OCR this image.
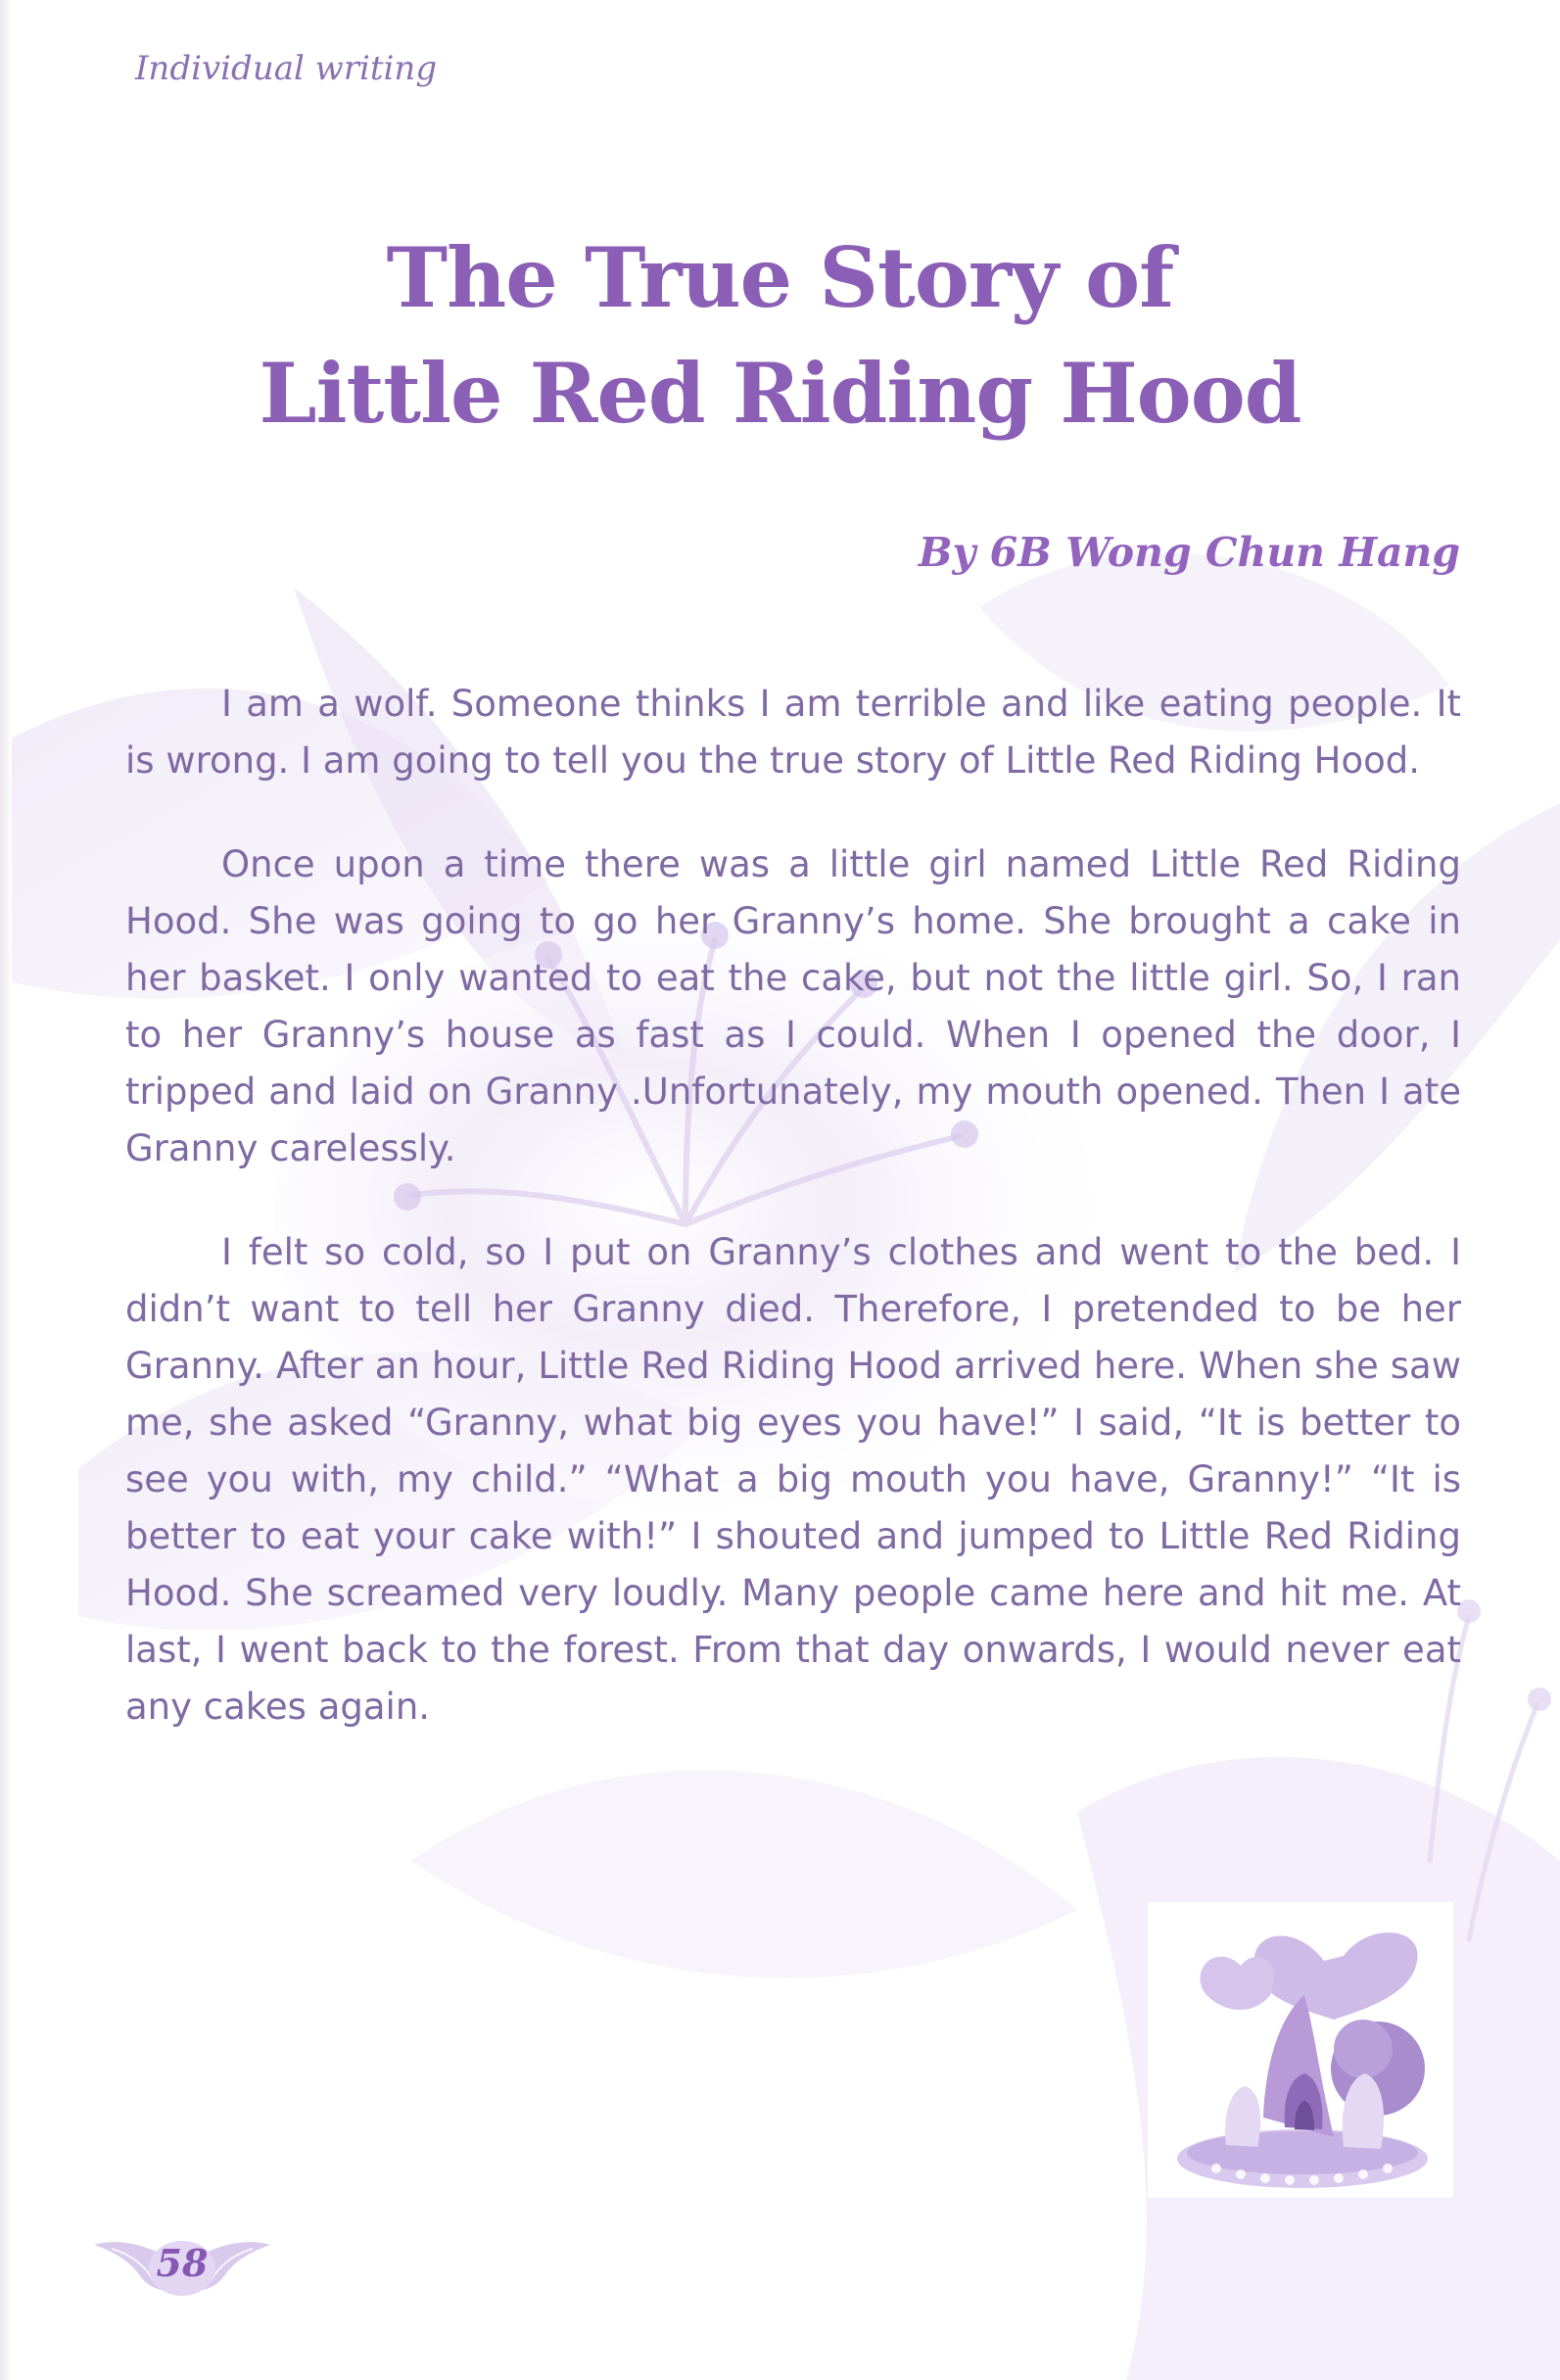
Individual writing
The True Story of
Little Red Riding Hood
By 6B Wong Chun Hang

I am a wolf. Someone thinks I am terrible and like eating people. It is wrong. I am going to tell you the true story of Little Red Riding Hood.

Once upon a time there was a little girl named Little Red Riding Hood. She was going to go her Granny’s home. She brought a cake in her basket. I only wanted to eat the cake, but not the little girl. So, I ran to her Granny’s house as fast as I could. When I opened the door, I tripped and laid on Granny .Unfortunately, my mouth opened. Then I ate Granny carelessly.

I felt so cold, so I put on Granny’s clothes and went to the bed. I didn’t want to tell her Granny died. Therefore, I pretended to be her Granny. After an hour, Little Red Riding Hood arrived here. When she saw me, she asked “Granny, what big eyes you have!” I said, “It is better to see you with, my child.” “What a big mouth you have, Granny!” “It is better to eat your cake with!” I shouted and jumped to Little Red Riding Hood. She screamed very loudly. Many people came here and hit me. At last, I went back to the forest. From that day onwards, I would never eat any cakes again.

58
